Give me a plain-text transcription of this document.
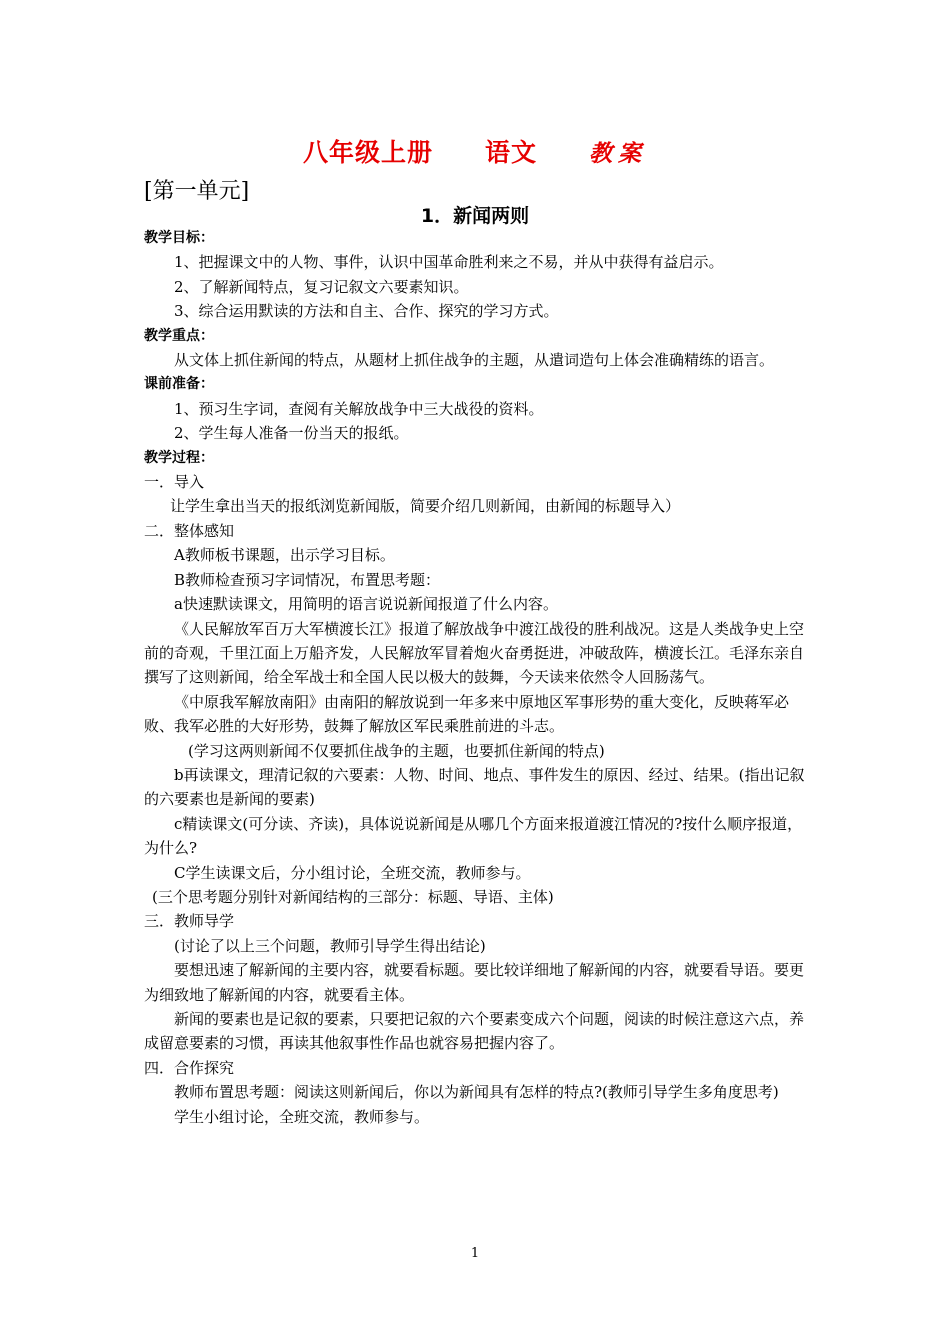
八年级上册 语文 教案
[第一单元]
1．新闻两则

教学目标：

1、把握课文中的人物、事件，认识中国革命胜利来之不易，并从中获得有益启示。

2、了解新闻特点，复习记叙文六要素知识。

3、综合运用默读的方法和自主、合作、探究的学习方式。

教学重点：

从文体上抓住新闻的特点，从题材上抓住战争的主题，从遣词造句上体会准确精练的语言。

课前准备：

1、预习生字词，查阅有关解放战争中三大战役的资料。

2、学生每人准备一份当天的报纸。

教学过程：

一．导入

让学生拿出当天的报纸浏览新闻版，简要介绍几则新闻，由新闻的标题导入）

二．整体感知

A教师板书课题，出示学习目标。

B教师检查预习字词情况，布置思考题：

a快速默读课文，用简明的语言说说新闻报道了什么内容。

《人民解放军百万大军横渡长江》报道了解放战争中渡江战役的胜利战况。这是人类战争史上空前的奇观，千里江面上万船齐发，人民解放军冒着炮火奋勇挺进，冲破敌阵，横渡长江。毛泽东亲自撰写了这则新闻，给全军战士和全国人民以极大的鼓舞，今天读来依然令人回肠荡气。

《中原我军解放南阳》由南阳的解放说到一年多来中原地区军事形势的重大变化，反映蒋军必败、我军必胜的大好形势，鼓舞了解放区军民乘胜前进的斗志。

(学习这两则新闻不仅要抓住战争的主题，也要抓住新闻的特点)

b再读课文，理清记叙的六要素：人物、时间、地点、事件发生的原因、经过、结果。(指出记叙的六要素也是新闻的要素)

c精读课文(可分读、齐读)，具体说说新闻是从哪几个方面来报道渡江情况的?按什么顺序报道，为什么?

C学生读课文后，分小组讨论，全班交流，教师参与。

(三个思考题分别针对新闻结构的三部分：标题、导语、主体)

三．教师导学

(讨论了以上三个问题，教师引导学生得出结论)

要想迅速了解新闻的主要内容，就要看标题。要比较详细地了解新闻的内容，就要看导语。要更为细致地了解新闻的内容，就要看主体。

新闻的要素也是记叙的要素，只要把记叙的六个要素变成六个问题，阅读的时候注意这六点，养成留意要素的习惯，再读其他叙事性作品也就容易把握内容了。

四．合作探究

教师布置思考题：阅读这则新闻后，你以为新闻具有怎样的特点?(教师引导学生多角度思考)

学生小组讨论，全班交流，教师参与。

1
